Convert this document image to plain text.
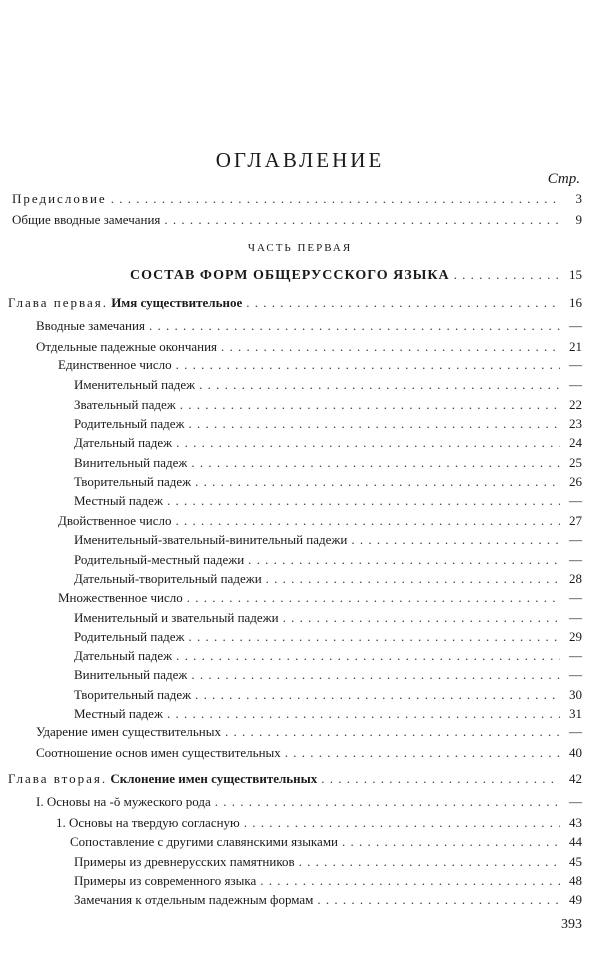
ОГЛАВЛЕНИЕ
Стр.
ЧАСТЬ ПЕРВАЯ
Предисловие . . .	3
Общие вводные замечания . . .	9
СОСТАВ ФОРМ ОБЩЕРУССКОГО ЯЗЫКА . . .	15
Глава первая. Имя существительное . . .	16
Вводные замечания . . .	—
Отдельные падежные окончания . . .	21
Единственное число . . .	—
Именительный падеж . . .	—
Звательный падеж . . .	22
Родительный падеж . . .	23
Дательный падеж . . .	24
Винительный падеж . . .	25
Творительный падеж . . .	26
Местный падеж . . .	—
Двойственное число . . .	27
Именительный-звательный-винительный падежи . . .	—
Родительный-местный падежи . . .	—
Дательный-творительный падежи . . .	28
Множественное число . . .	—
Именительный и звательный падежи . . .	—
Родительный падеж . . .	29
Дательный падеж . . .	—
Винительный падеж . . .	—
Творительный падеж . . .	30
Местный падеж . . .	31
Ударение имен существительных . . .	—
Соотношение основ имен существительных . . .	40
Глава вторая. Склонение имен существительных . . .	42
I. Основы на -ŏ мужеского рода . . .	—
1. Основы на твердую согласную . . .	43
Сопоставление с другими славянскими языками . . .	44
Примеры из древнерусских памятников . . .	45
Примеры из современного языка . . .	48
Замечания к отдельным падежным формам . . .	49
393
